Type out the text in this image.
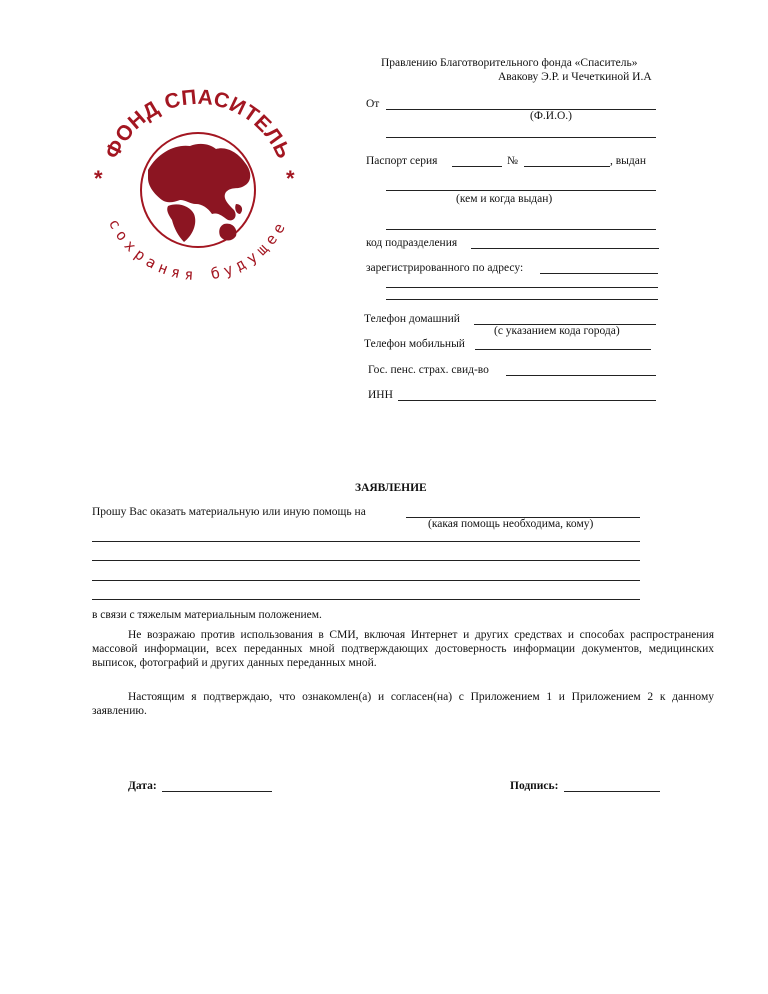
ФОНД СПАСИТЕЛЬ
сохраняя будущее
*	*
Правлению Благотворительного фонда «Спаситель»
Авакову Э.Р. и Чечеткиной И.А
От
(Ф.И.О.)
Паспорт серия	№	, выдан
(кем и когда выдан)
код подразделения
зарегистрированного по адресу:
Телефон домашний
(с указанием кода города)
Телефон мобильный
Гос. пенс. страх. свид-во
ИНН
ЗАЯВЛЕНИЕ
Прошу Вас оказать материальную или иную помощь на
(какая помощь необходима, кому)
в связи с тяжелым материальным положением.
Не возражаю против использования в СМИ, включая Интернет и других средствах и способах распространения массовой информации, всех переданных мной подтверждающих достоверность информации документов, медицинских выписок, фотографий и других данных переданных мной.
Настоящим я подтверждаю, что ознакомлен(а) и согласен(на) с Приложением 1 и Приложением 2 к данному заявлению.
Дата:	Подпись:
